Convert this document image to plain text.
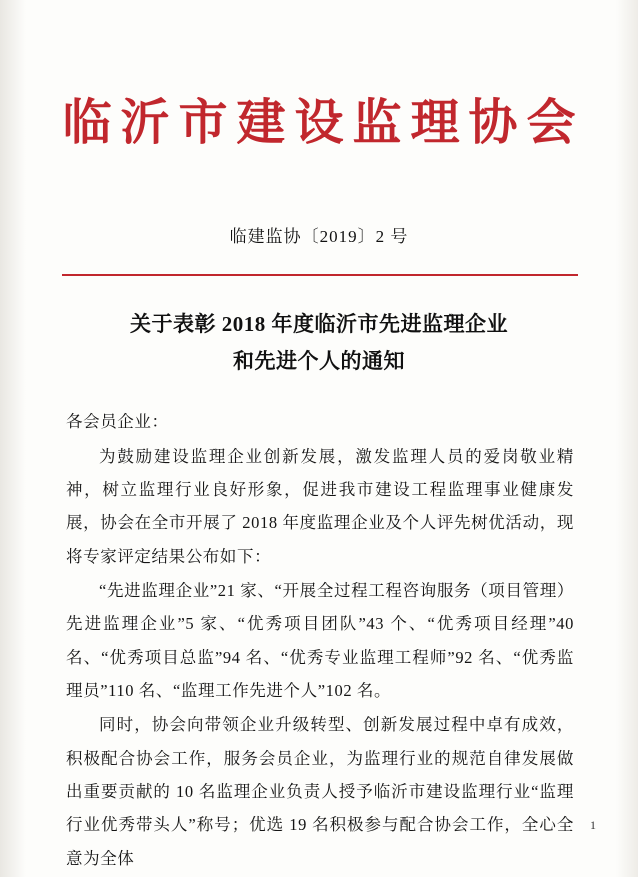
临沂市建设监理协会
临建监协〔2019〕2 号
关于表彰 2018 年度临沂市先进监理企业
和先进个人的通知

各会员企业：

为鼓励建设监理企业创新发展，激发监理人员的爱岗敬业精神，树立监理行业良好形象，促进我市建设工程监理事业健康发展，协会在全市开展了 2018 年度监理企业及个人评先树优活动，现将专家评定结果公布如下：

“先进监理企业”21 家、“开展全过程工程咨询服务（项目管理）先进监理企业”5 家、“优秀项目团队”43 个、“优秀项目经理”40 名、“优秀项目总监”94 名、“优秀专业监理工程师”92 名、“优秀监理员”110 名、“监理工作先进个人”102 名。

同时，协会向带领企业升级转型、创新发展过程中卓有成效，积极配合协会工作，服务会员企业，为监理行业的规范自律发展做出重要贡献的 10 名监理企业负责人授予临沂市建设监理行业“监理行业优秀带头人”称号；优选 19 名积极参与配合协会工作，全心全意为全体

1
